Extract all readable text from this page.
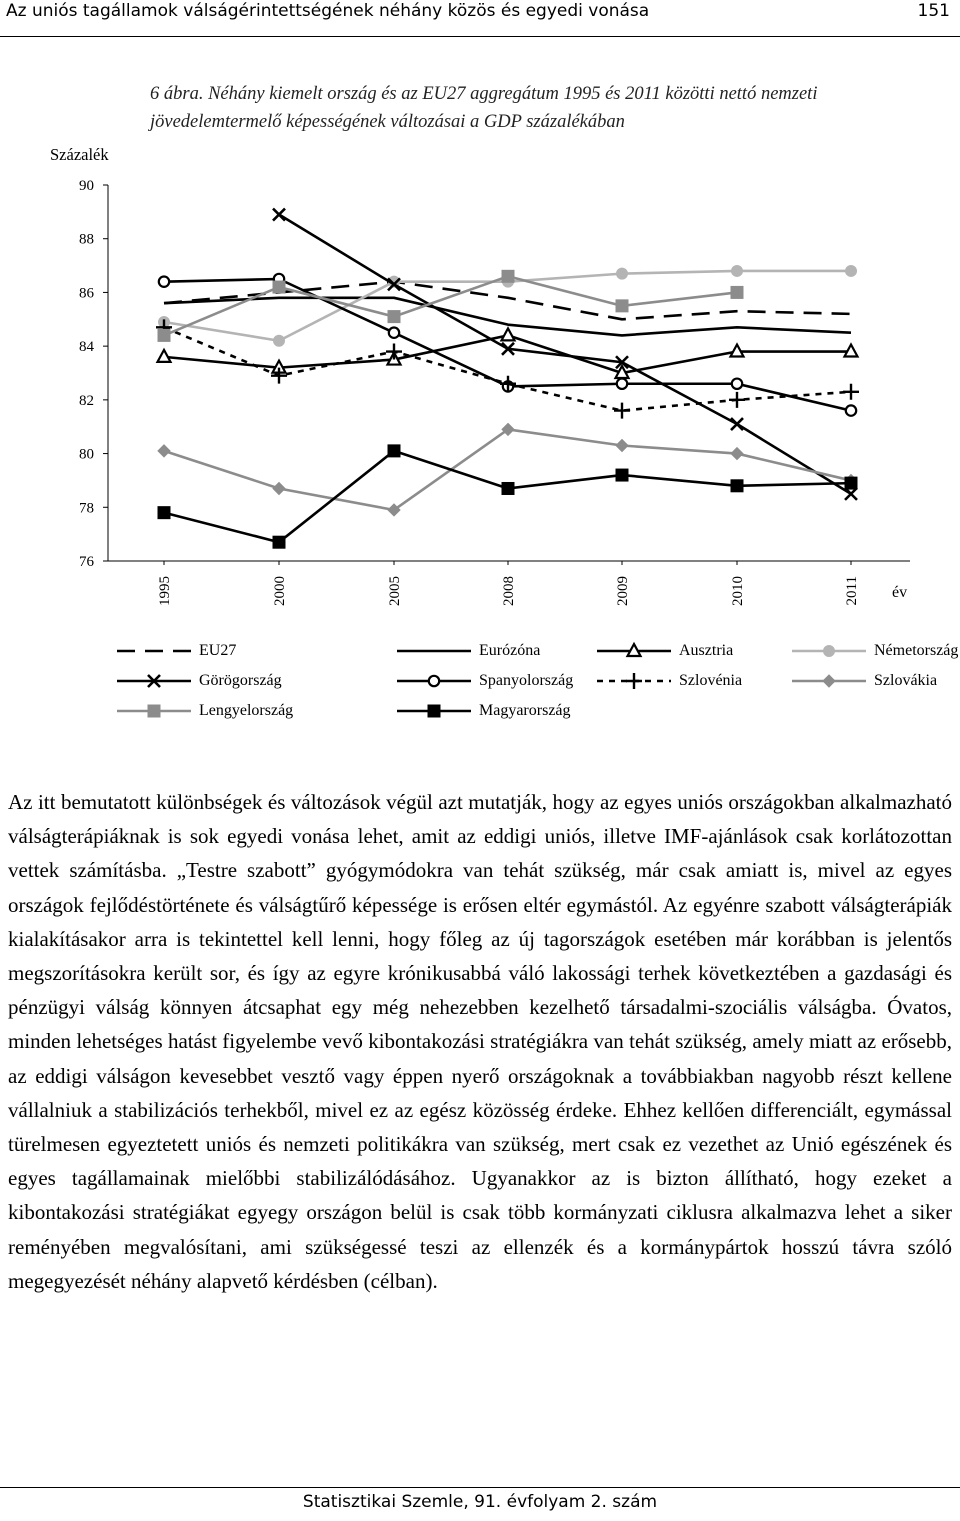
Az uniós tagállamok válságérintettségének néhány közös és egyedi vonása	151
6 ábra. Néhány kiemelt ország és az EU27 aggregátum 1995 és 2011 közötti nettó nemzeti jövedelemtermelő képességének változásai a GDP százalékában
Százalék
76
78
80
82
84
86
88
90
1995	2000	2005	2008	2009	2010	2011 év
EU27	Eurózóna	Ausztria	Németország
Görögország	Spanyolország	Szlovénia	Szlovákia
Lengyelország	Magyarország
Az itt bemutatott különbségek és változások végül azt mutatják, hogy az egyes uniós országokban alkalmazható válságterápiáknak is sok egyedi vonása lehet, amit az eddigi uniós, illetve IMF-ajánlások csak korlátozottan vettek számításba. „Testre szabott” gyógymódokra van tehát szükség, már csak amiatt is, mivel az egyes országok fejlődéstörténete és válságtűrő képessége is erősen eltér egymástól. Az egyénre szabott válságterápiák kialakításakor arra is tekintettel kell lenni, hogy főleg az új tagországok esetében már korábban is jelentős megszorításokra került sor, és így az egyre krónikusabbá váló lakossági terhek következtében a gazdasági és pénzügyi válság könnyen átcsaphat egy még nehezebben kezelhető társadalmi-szociális válságba. Óvatos, minden lehetséges hatást figyelembe vevő kibontakozási stratégiákra van tehát szükség, amely miatt az erősebb, az eddigi válságon kevesebbet vesztő vagy éppen nyerő országoknak a továbbiakban nagyobb részt kellene vállalniuk a stabilizációs terhekből, mivel ez az egész közösség érdeke. Ehhez kellően differenciált, egymással türelmesen egyeztetett uniós és nemzeti politikákra van szükség, mert csak ez vezethet az Unió egészének és egyes tagállamainak mielőbbi stabilizálódásához. Ugyanakkor az is bizton állítható, hogy ezeket a kibontakozási stratégiákat egyegy országon belül is csak több kormányzati ciklusra alkalmazva lehet a siker reményében megvalósítani, ami szükségessé teszi az ellenzék és a kormánypártok hosszú távra szóló megegyezését néhány alapvető kérdésben (célban).
Statisztikai Szemle, 91. évfolyam 2. szám
